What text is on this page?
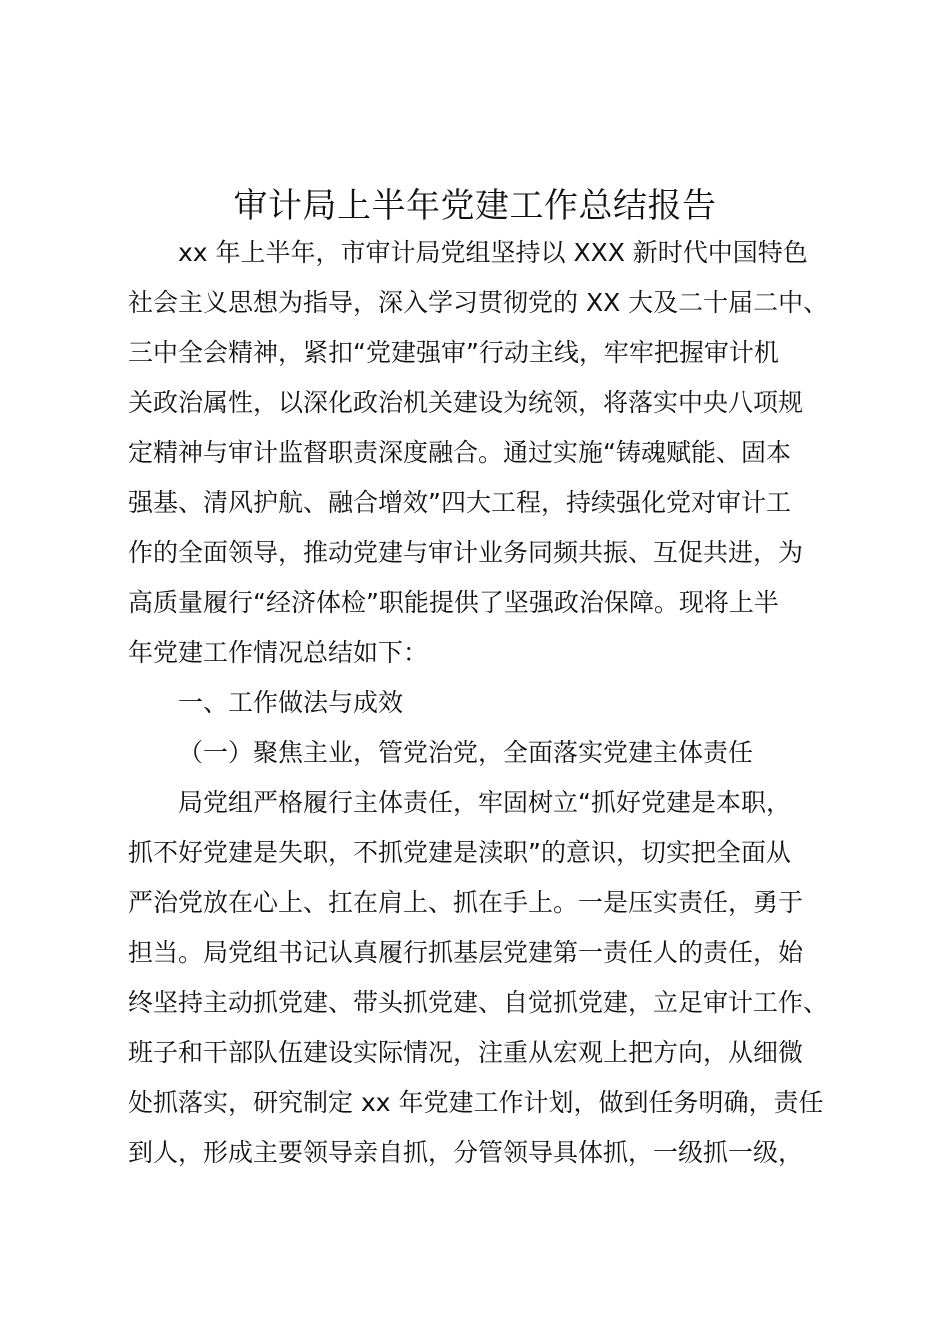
审计局上半年党建工作总结报告
xx 年上半年，市审计局党组坚持以 XXX 新时代中国特色
社会主义思想为指导，深入学习贯彻党的 XX 大及二十届二中、
三中全会精神，紧扣“党建强审”行动主线，牢牢把握审计机
关政治属性，以深化政治机关建设为统领，将落实中央八项规
定精神与审计监督职责深度融合。通过实施“铸魂赋能、固本
强基、清风护航、融合增效”四大工程，持续强化党对审计工
作的全面领导，推动党建与审计业务同频共振、互促共进，为
高质量履行“经济体检”职能提供了坚强政治保障。现将上半
年党建工作情况总结如下：
一、工作做法与成效
（一）聚焦主业，管党治党，全面落实党建主体责任
局党组严格履行主体责任，牢固树立“抓好党建是本职，
抓不好党建是失职，不抓党建是渎职”的意识，切实把全面从
严治党放在心上、扛在肩上、抓在手上。一是压实责任，勇于
担当。局党组书记认真履行抓基层党建第一责任人的责任，始
终坚持主动抓党建、带头抓党建、自觉抓党建，立足审计工作、
班子和干部队伍建设实际情况，注重从宏观上把方向，从细微
处抓落实，研究制定 xx 年党建工作计划，做到任务明确，责任
到人，形成主要领导亲自抓，分管领导具体抓，一级抓一级，
